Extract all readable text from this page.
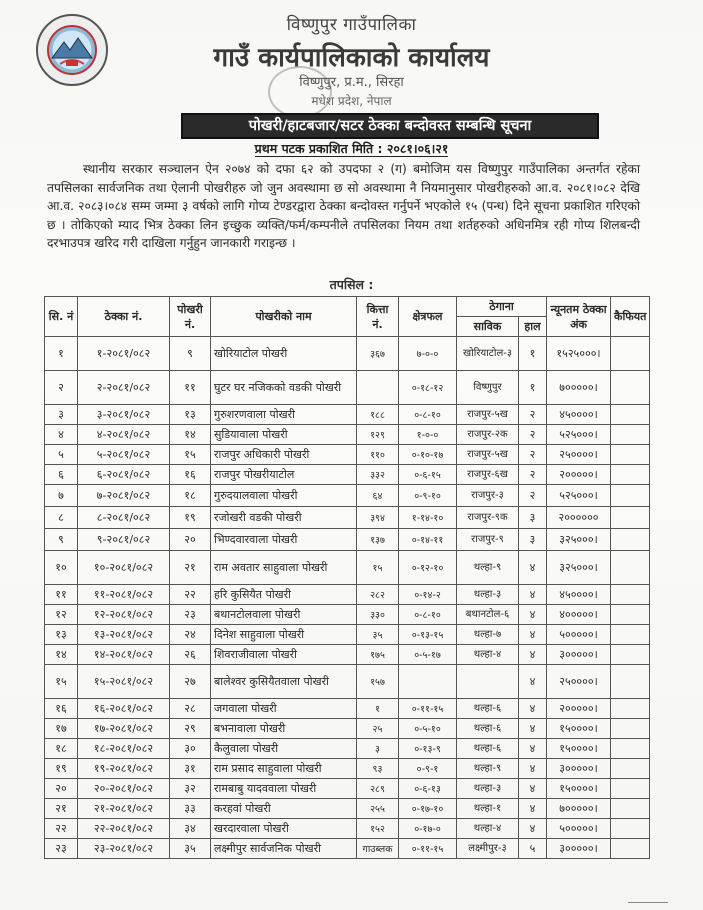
विष्णुपुर गाउँपालिका
गाउँ कार्यपालिकाको कार्यालय
विष्णुपुर, प्र.म., सिरहा
मधेश प्रदेश, नेपाल
पोखरी/हाटबजार/सटर ठेक्का बन्दोवस्त सम्बन्धि सूचना
प्रथम पटक प्रकाशित मिति : २०८१।०६।२१
स्थानीय सरकार सञ्चालन ऐन २०७४ को दफा ६२ को उपदफा २ (ग) बमोजिम यस विष्णुपुर गाउँपालिका अन्तर्गत रहेका तपसिलका सार्वजनिक तथा ऐलानी पोखरीहरु जो जुन अवस्थामा छ सो अवस्थामा नै नियमानुसार पोखरीहरुको आ.व. २०८१।०८२ देखि आ.व. २०८३।०८४ सम्म जम्मा ३ वर्षको लागि गोप्य टेण्डरद्वारा ठेक्का बन्दोवस्त गर्नुपर्ने भएकोले १५ (पन्ध) दिने सूचना प्रकाशित गरिएको छ । तोकिएको म्याद भित्र ठेक्का लिन इच्छुक व्यक्ति/फर्म/कम्पनीले तपसिलका नियम तथा शर्तहरुको अधिनमित्र रही गोप्य शिलबन्दी दरभाउपत्र खरिद गरी दाखिला गर्नुहुन जानकारी गराइन्छ ।
तपसिल :
सि. नं	ठेक्का नं.	पोखरी नं.	पोखरीको नाम	कित्ता नं.	क्षेत्रफल	ठेगाना		न्यूनतम ठेक्का अंक	कैफियत
						साविक	हाल		
१	१-२०८१/०८२	९	खोरियाटोल पोखरी	३६७	७-०-०	खोरियाटोल-३	१	१५२५०००।	
२	२-२०८१/०८२	११	घुटर घर नजिकको वडकी पोखरी		०-१८-१२	विष्णुपुर	१	७०००००।	
३	३-२०८१/०८२	१३	गुरुशरणवाला पोखरी	१८८	०-८-१०	राजपुर-५ख	२	४५००००।	
४	४-२०८१/०८२	१४	सुडियावाला पोखरी	१२९	१-०-०	राजपुर-२क	२	५२५०००।	
५	५-२०८१/०८२	१५	राजपुर अधिकारी पोखरी	११०	०-१०-१७	राजपुर-५ख	२	२५००००।	
६	६-२०८१/०८२	१६	राजपुर पोखरीयाटोल	३३२	०-६-१५	राजपुर-६ख	२	२०००००।	
७	७-२०८१/०८२	१८	गुरुदयालवाला पोखरी	६४	०-९-१०	राजपुर-३	२	५२५०००।	
८	८-२०८१/०८२	१९	रजोखरी वडकी पोखरी	३९४	१-१४-१०	राजपुर-९क	३	२००००००	
९	९-२०८१/०८२	२०	भिण्दवारवाला पोखरी	१३७	०-१४-११	राजपुर-९	३	३२५०००।	
१०	१०-२०८१/०८२	२१	राम अवतार साहुवाला पोखरी	१५	०-१२-१०	थल्हा-९	४	३२५०००।	
११	११-२०८१/०८२	२२	हरि कुसियैत पोखरी	२८२	०-१४-२	थल्हा-३	४	४५००००।	
१२	१२-२०८१/०८२	२३	बथानटोलवाला पोखरी	३३०	०-८-१०	बथानटोल-६	४	४०००००।	
१३	१३-२०८१/०८२	२४	दिनेश साहुवाला पोखरी	३५	०-१३-१५	थल्हा-७	४	५०००००।	
१४	१४-२०८१/०८२	२६	शिवराजीवाला पोखरी	१७५	०-५-१७	थल्हा-४	४	३०००००।	
१५	१५-२०८१/०८२	२७	बालेश्वर कुसियैतवाला पोखरी	१५७			४	२५००००।	
१६	१६-२०८१/०८२	२८	जगवाला पोखरी	१	०-११-१५	थल्हा-६	४	२०००००।	
१७	१७-२०८१/०८२	२९	बभनावाला पोखरी	२५	०-५-१०	थल्हा-६	४	१५००००।	
१८	१८-२०८१/०८२	३०	कैलुवाला पोखरी	३	०-१३-९	थल्हा-६	४	१५००००।	
१९	१९-२०८१/०८२	३१	राम प्रसाद साहुवाला पोखरी	९३	०-९-१	थल्हा-९	४	३०००००।	
२०	२०-२०८१/०८२	३२	रामबाबु यादववाला पोखरी	२८९	०-६-१३	थल्हा-३	४	१५००००।	
२१	२१-२०८१/०८२	३३	करहवां पोखरी	२५५	०-१७-१०	थल्हा-१	४	७०००००।	
२२	२२-२०८१/०८२	३४	खरदारवाला पोखरी	१५२	०-१७-०	थल्हा-४	४	५०००००।	
२३	२३-२०८१/०८२	३५	लक्ष्मीपुर सार्वजनिक पोखरी	गाउब्लक	०-११-१५	लक्ष्मीपुर-३	५	३०००००।	
